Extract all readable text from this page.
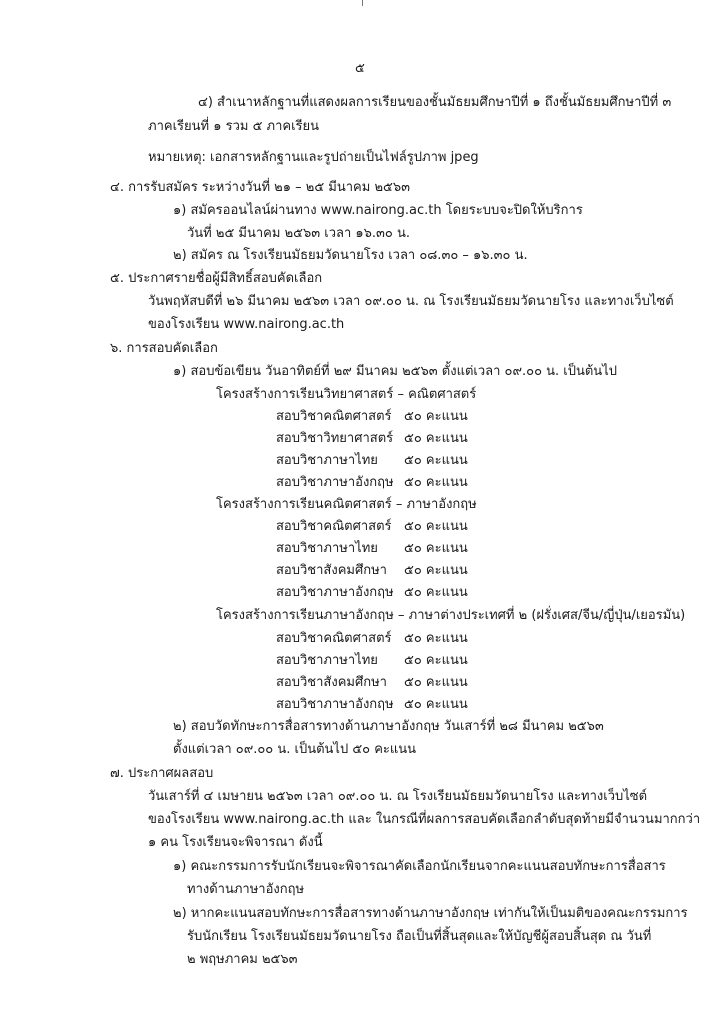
๕
๔) สำเนาหลักฐานที่แสดงผลการเรียนของชั้นมัธยมศึกษาปีที่ ๑ ถึงชั้นมัธยมศึกษาปีที่ ๓
ภาคเรียนที่ ๑ รวม ๕ ภาคเรียน
หมายเหตุ: เอกสารหลักฐานและรูปถ่ายเป็นไฟล์รูปภาพ jpeg
๔. การรับสมัคร ระหว่างวันที่ ๒๑ – ๒๕ มีนาคม ๒๕๖๓
๑) สมัครออนไลน์ผ่านทาง www.nairong.ac.th โดยระบบจะปิดให้บริการ
วันที่ ๒๕ มีนาคม ๒๕๖๓ เวลา ๑๖.๓๐ น.
๒) สมัคร ณ โรงเรียนมัธยมวัดนายโรง เวลา ๐๘.๓๐ – ๑๖.๓๐ น.
๕. ประกาศรายชื่อผู้มีสิทธิ์สอบคัดเลือก
วันพฤหัสบดีที่ ๒๖ มีนาคม ๒๕๖๓ เวลา ๐๙.๐๐ น. ณ โรงเรียนมัธยมวัดนายโรง และทางเว็บไซต์
ของโรงเรียน www.nairong.ac.th
๖. การสอบคัดเลือก
๑) สอบข้อเขียน วันอาทิตย์ที่ ๒๙ มีนาคม ๒๕๖๓ ตั้งแต่เวลา ๐๙.๐๐ น. เป็นต้นไป
โครงสร้างการเรียนวิทยาศาสตร์ – คณิตศาสตร์
สอบวิชาคณิตศาสตร์ ๕๐ คะแนน
สอบวิชาวิทยาศาสตร์ ๕๐ คะแนน
สอบวิชาภาษาไทย ๕๐ คะแนน
สอบวิชาภาษาอังกฤษ ๕๐ คะแนน
โครงสร้างการเรียนคณิตศาสตร์ – ภาษาอังกฤษ
สอบวิชาคณิตศาสตร์ ๕๐ คะแนน
สอบวิชาภาษาไทย ๕๐ คะแนน
สอบวิชาสังคมศึกษา ๕๐ คะแนน
สอบวิชาภาษาอังกฤษ ๕๐ คะแนน
โครงสร้างการเรียนภาษาอังกฤษ – ภาษาต่างประเทศที่ ๒ (ฝรั่งเศส/จีน/ญี่ปุ่น/เยอรมัน)
สอบวิชาคณิตศาสตร์ ๕๐ คะแนน
สอบวิชาภาษาไทย ๕๐ คะแนน
สอบวิชาสังคมศึกษา ๕๐ คะแนน
สอบวิชาภาษาอังกฤษ ๕๐ คะแนน
๒) สอบวัดทักษะการสื่อสารทางด้านภาษาอังกฤษ วันเสาร์ที่ ๒๘ มีนาคม ๒๕๖๓
ตั้งแต่เวลา ๐๙.๐๐ น. เป็นต้นไป ๕๐ คะแนน
๗. ประกาศผลสอบ
วันเสาร์ที่ ๔ เมษายน ๒๕๖๓ เวลา ๐๙.๐๐ น. ณ โรงเรียนมัธยมวัดนายโรง และทางเว็บไซต์
ของโรงเรียน www.nairong.ac.th และ ในกรณีที่ผลการสอบคัดเลือกลำดับสุดท้ายมีจำนวนมากกว่า
๑ คน โรงเรียนจะพิจารณา ดังนี้
๑) คณะกรรมการรับนักเรียนจะพิจารณาคัดเลือกนักเรียนจากคะแนนสอบทักษะการสื่อสาร
ทางด้านภาษาอังกฤษ
๒) หากคะแนนสอบทักษะการสื่อสารทางด้านภาษาอังกฤษ เท่ากันให้เป็นมติของคณะกรรมการ
รับนักเรียน โรงเรียนมัธยมวัดนายโรง ถือเป็นที่สิ้นสุดและให้บัญชีผู้สอบสิ้นสุด ณ วันที่
๒ พฤษภาคม ๒๕๖๓
